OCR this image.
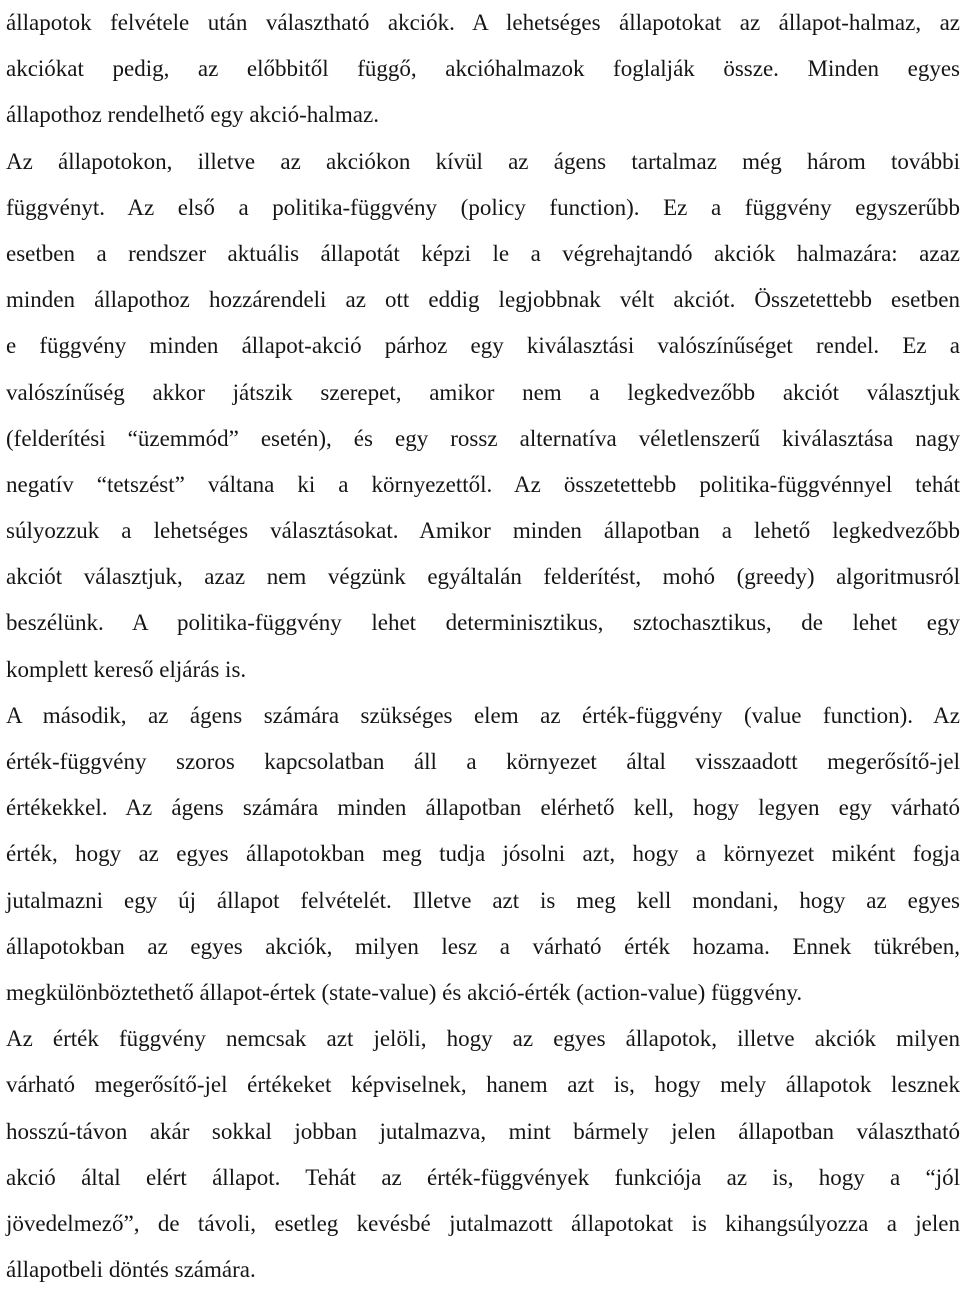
állapotok felvétele után választható akciók. A lehetséges állapotokat az állapot-halmaz, az
akciókat pedig, az előbbitől függő, akcióhalmazok foglalják össze. Minden egyes
állapothoz rendelhető egy akció-halmaz.
Az állapotokon, illetve az akciókon kívül az ágens tartalmaz még három további
függvényt. Az első a politika-függvény (policy function). Ez a függvény egyszerűbb
esetben a rendszer aktuális állapotát képzi le a végrehajtandó akciók halmazára: azaz
minden állapothoz hozzárendeli az ott eddig legjobbnak vélt akciót. Összetettebb esetben
e függvény minden állapot-akció párhoz egy kiválasztási valószínűséget rendel. Ez a
valószínűség akkor játszik szerepet, amikor nem a legkedvezőbb akciót választjuk
(felderítési “üzemmód” esetén), és egy rossz alternatíva véletlenszerű kiválasztása nagy
negatív “tetszést” váltana ki a környezettől. Az összetettebb politika-függvénnyel tehát
súlyozzuk a lehetséges választásokat. Amikor minden állapotban a lehető legkedvezőbb
akciót választjuk, azaz nem végzünk egyáltalán felderítést, mohó (greedy) algoritmusról
beszélünk. A politika-függvény lehet determinisztikus, sztochasztikus, de lehet egy
komplett kereső eljárás is.
A második, az ágens számára szükséges elem az érték-függvény (value function). Az
érték-függvény szoros kapcsolatban áll a környezet által visszaadott megerősítő-jel
értékekkel. Az ágens számára minden állapotban elérhető kell, hogy legyen egy várható
érték, hogy az egyes állapotokban meg tudja jósolni azt, hogy a környezet miként fogja
jutalmazni egy új állapot felvételét. Illetve azt is meg kell mondani, hogy az egyes
állapotokban az egyes akciók, milyen lesz a várható érték hozama. Ennek tükrében,
megkülönböztethető állapot-értek (state-value) és akció-érték (action-value) függvény.
Az érték függvény nemcsak azt jelöli, hogy az egyes állapotok, illetve akciók milyen
várható megerősítő-jel értékeket képviselnek, hanem azt is, hogy mely állapotok lesznek
hosszú-távon akár sokkal jobban jutalmazva, mint bármely jelen állapotban választható
akció által elért állapot. Tehát az érték-függvények funkciója az is, hogy a “jól
jövedelmező”, de távoli, esetleg kevésbé jutalmazott állapotokat is kihangsúlyozza a jelen
állapotbeli döntés számára.
